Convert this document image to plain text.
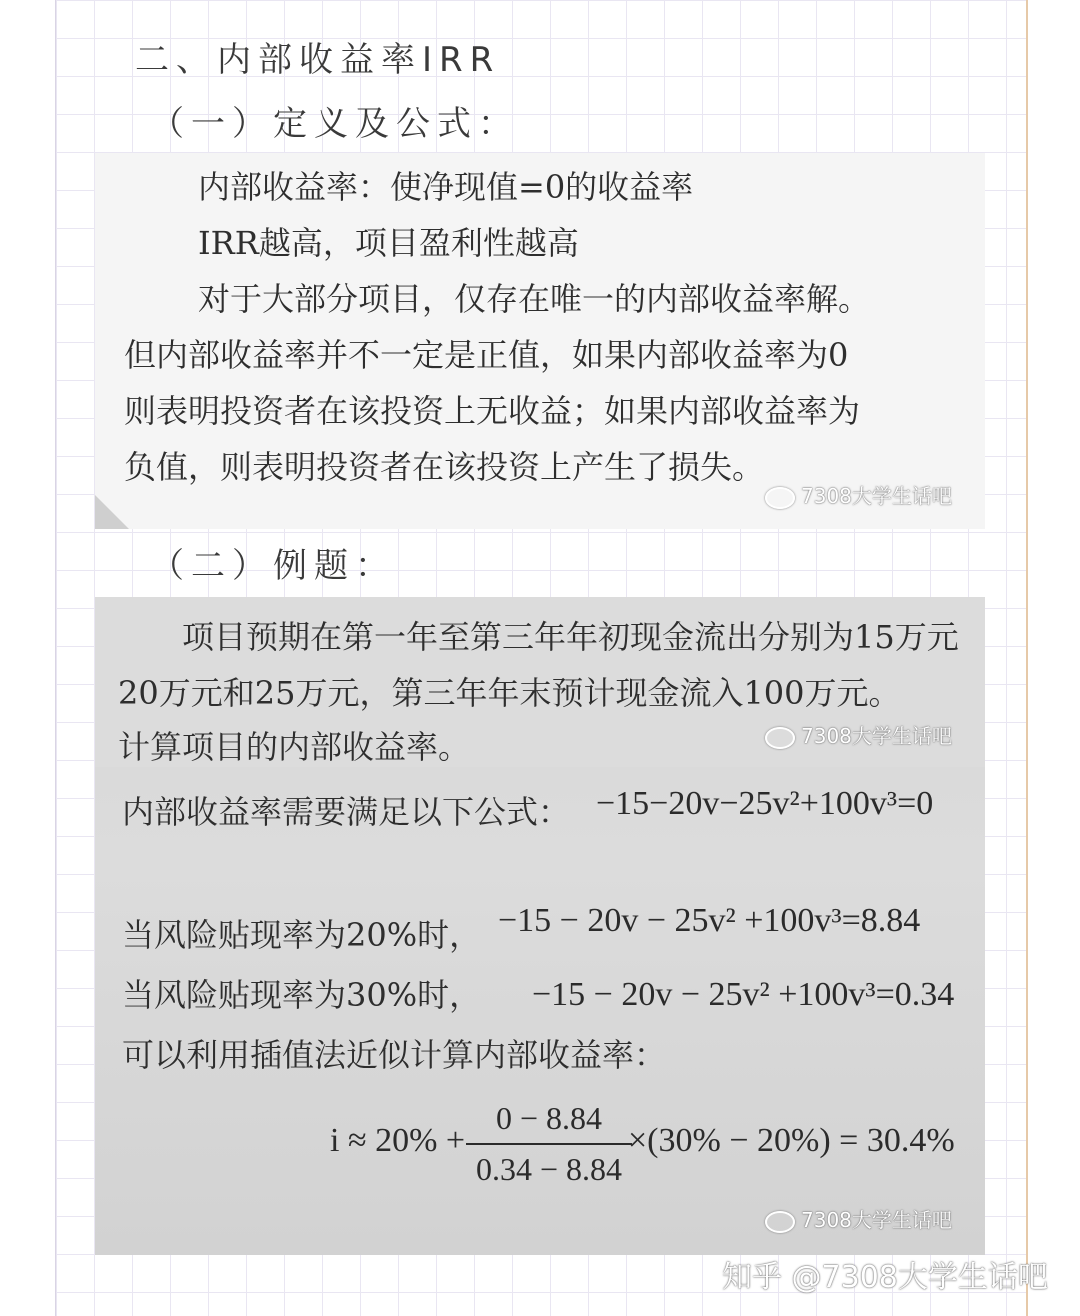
二、内部收益率IRR
（一）定义及公式：
内部收益率：使净现值=0的收益率
IRR越高，项目盈利性越高
对于大部分项目，仅存在唯一的内部收益率解。
但内部收益率并不一定是正值，如果内部收益率为0
则表明投资者在该投资上无收益；如果内部收益率为
负值，则表明投资者在该投资上产生了损失。
7308大学生话吧
（二）例题：
项目预期在第一年至第三年年初现金流出分别为15万元
20万元和25万元，第三年年末预计现金流入100万元。
计算项目的内部收益率。	7308大学生话吧
内部收益率需要满足以下公式： −15−20v−25v²+100v³=0
当风险贴现率为20%时， −15 − 20v − 25v² +100v³=8.84
当风险贴现率为30%时， −15 − 20v − 25v² +100v³=0.34
可以利用插值法近似计算内部收益率：
$i \approx 20\% + \frac{0 - 8.84}{0.34 - 8.84}$
×(30% − 20%) = 30.4%
7308大学生话吧
知乎 @7308大学生话吧
